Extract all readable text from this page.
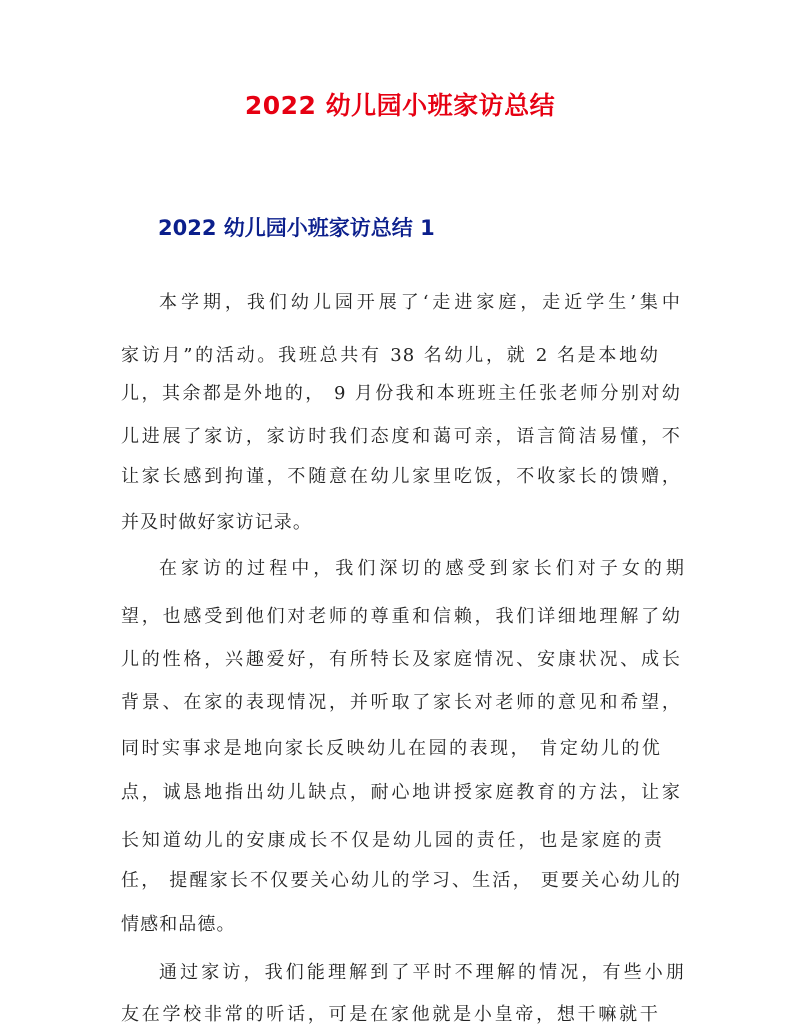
2022 幼儿园小班家访总结
2022 幼儿园小班家访总结 1
本学期，我们幼儿园开展了‘走进家庭，走近学生’集中
家访月”的活动。我班总共有 38 名幼儿，就 2 名是本地幼
儿，其余都是外地的， 9 月份我和本班班主任张老师分别对幼
儿进展了家访，家访时我们态度和蔼可亲，语言简洁易懂，不
让家长感到拘谨，不随意在幼儿家里吃饭，不收家长的馈赠，
并及时做好家访记录。
在家访的过程中，我们深切的感受到家长们对子女的期
望，也感受到他们对老师的尊重和信赖，我们详细地理解了幼
儿的性格，兴趣爱好，有所特长及家庭情况、安康状况、成长
背景、在家的表现情况，并听取了家长对老师的意见和希望，
同时实事求是地向家长反映幼儿在园的表现， 肯定幼儿的优
点，诚恳地指出幼儿缺点，耐心地讲授家庭教育的方法，让家
长知道幼儿的安康成长不仅是幼儿园的责任，也是家庭的责
任， 提醒家长不仅要关心幼儿的学习、生活， 更要关心幼儿的
情感和品德。
通过家访，我们能理解到了平时不理解的情况，有些小朋
友在学校非常的听话，可是在家他就是小皇帝，想干嘛就干
